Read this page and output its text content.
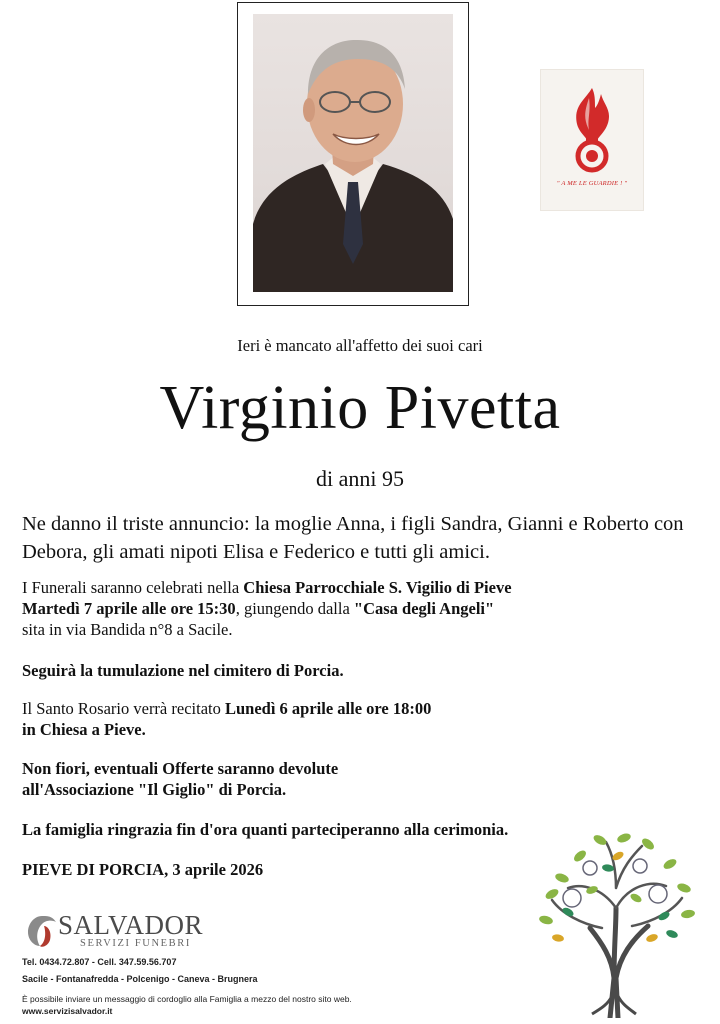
" A ME LE GUARDIE ! "
Ieri è mancato all'affetto dei suoi cari
Virginio Pivetta
di anni 95
Ne danno il triste annuncio: la moglie Anna, i figli Sandra, Gianni e Roberto con Debora, gli amati nipoti Elisa e Federico e tutti gli amici.
I Funerali saranno celebrati nella Chiesa Parrocchiale S. Vigilio di Pieve
Martedì 7 aprile alle ore 15:30, giungendo dalla "Casa degli Angeli"
sita in via Bandida n°8 a Sacile.
Seguirà la tumulazione nel cimitero di Porcia.
Il Santo Rosario verrà recitato Lunedì 6 aprile alle ore 18:00
in Chiesa a Pieve.
Non fiori, eventuali Offerte saranno devolute
all'Associazione "Il Giglio" di Porcia.
La famiglia ringrazia fin d'ora quanti parteciperanno alla cerimonia.
PIEVE DI PORCIA, 3 aprile 2026
SALVADOR
SERVIZI FUNEBRI
Tel. 0434.72.807 - Cell. 347.59.56.707
Sacile - Fontanafredda - Polcenigo - Caneva - Brugnera
È possibile inviare un messaggio di cordoglio alla Famiglia a mezzo del nostro sito web.
www.servizisalvador.it
